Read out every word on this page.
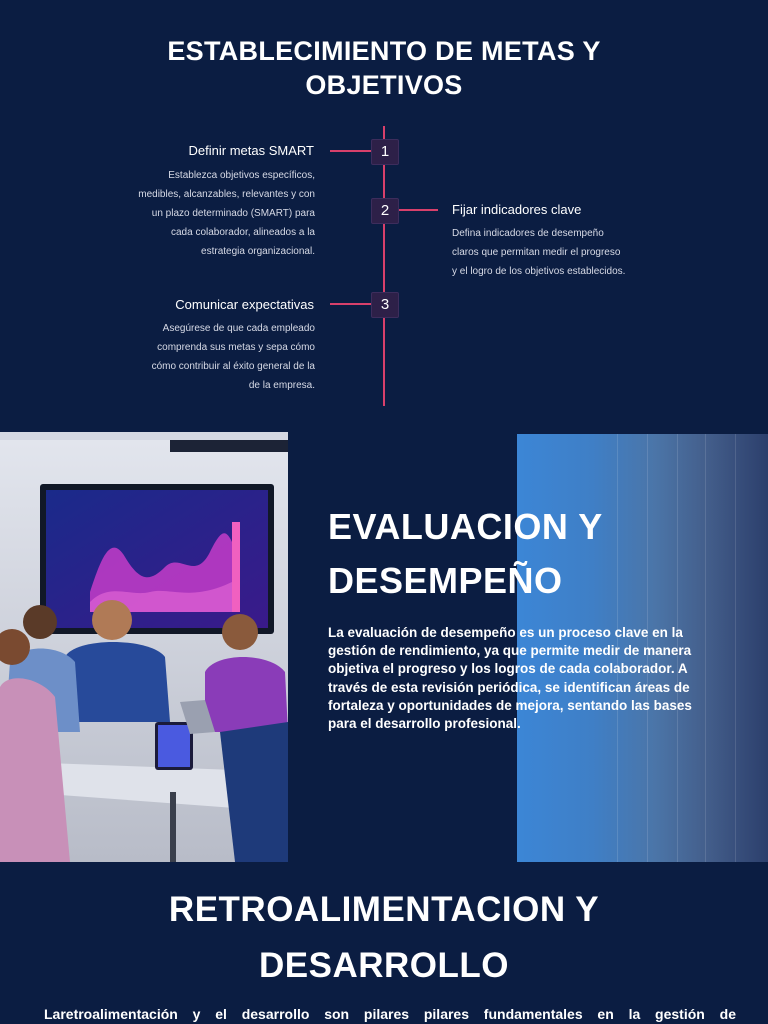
ESTABLECIMIENTO DE METAS Y
OBJETIVOS
1
Definir metas SMART
Establezca objetivos específicos,
medibles, alcanzables, relevantes y con
un plazo determinado (SMART) para
cada colaborador, alineados a la
estrategia organizacional.
2	Fijar indicadores clave
Defina indicadores de desempeño
claros que permitan medir el progreso
y el logro de los objetivos establecidos.
3
Comunicar expectativas
Asegúrese de que cada empleado
comprenda sus metas y sepa cómo
cómo contribuir al éxito general de la
de la empresa.
EVALUACION Y
DESEMPEÑO
La evaluación de desempeño es un proceso clave en la gestión de rendimiento, ya que permite medir de manera objetiva el progreso y los logros de cada colaborador. A través de esta revisión periódica, se identifican áreas de fortaleza y oportunidades de mejora, sentando las bases para el desarrollo profesional.
RETROALIMENTACION Y
DESARROLLO
Laretroalimentación y el desarrollo son pilares pilares fundamentales en la gestión de
